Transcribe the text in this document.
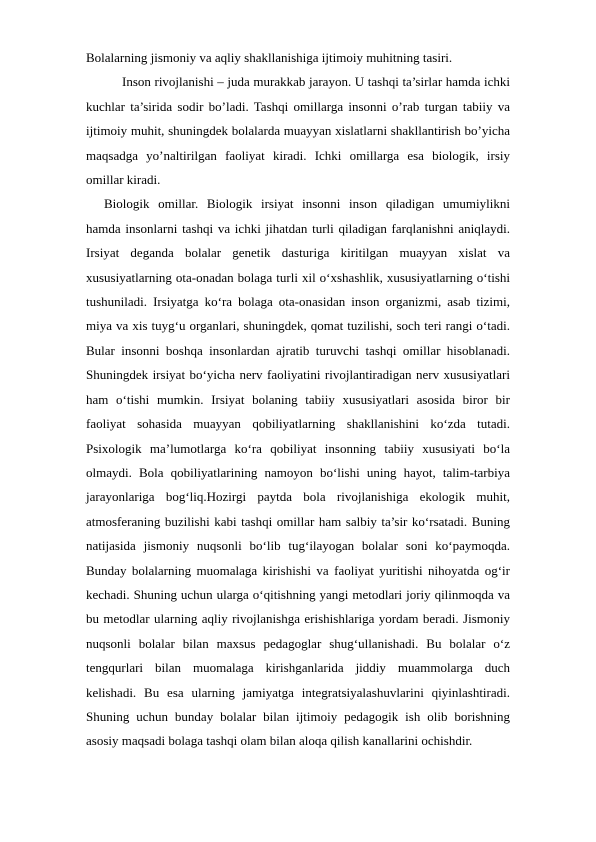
Bolalarning jismoniy va aqliy shakllanishiga ijtimoiy muhitning tasiri.

Inson rivojlanishi – juda murakkab jarayon. U tashqi ta’sirlar hamda ichki kuchlar ta’sirida sodir bo’ladi. Tashqi omillarga insonni o’rab turgan tabiiy va ijtimoiy muhit, shuningdek bolalarda muayyan xislatlarni shakllantirish bo’yicha maqsadga yo’naltirilgan faoliyat kiradi. Ichki omillarga esa biologik, irsiy omillar kiradi.

Biologik omillar. Biologik irsiyat insonni inson qiladigan umumiylikni hamda insonlarni tashqi va ichki jihatdan turli qiladigan farqlanishni aniqlaydi. Irsiyat deganda bolalar genetik dasturiga kiritilgan muayyan xislat va xususiyatlarning ota-onadan bolaga turli xil o‘xshashlik, xususiyatlarning o‘tishi tushuniladi. Irsiyatga ko‘ra bolaga ota-onasidan inson organizmi, asab tizimi, miya va xis tuyg‘u organlari, shuningdek, qomat tuzilishi, soch teri rangi o‘tadi. Bular insonni boshqa insonlardan ajratib turuvchi tashqi omillar hisoblanadi. Shuningdek irsiyat bo‘yicha nerv faoliyatini rivojlantiradigan nerv xususiyatlari ham o‘tishi mumkin. Irsiyat bolaning tabiiy xususiyatlari asosida biror bir faoliyat sohasida muayyan qobiliyatlarning shakllanishini ko‘zda tutadi. Psixologik ma’lumotlarga ko‘ra qobiliyat insonning tabiiy xususiyati bo‘la olmaydi. Bola qobiliyatlarining namoyon bo‘lishi uning hayot, talim-tarbiya jarayonlariga bog‘liq.Hozirgi paytda bola rivojlanishiga ekologik muhit, atmosferaning buzilishi kabi tashqi omillar ham salbiy ta’sir ko‘rsatadi. Buning natijasida jismoniy nuqsonli bo‘lib tug‘ilayogan bolalar soni ko‘paymoqda. Bunday bolalarning muomalaga kirishishi va faoliyat yuritishi nihoyatda og‘ir kechadi. Shuning uchun ularga o‘qitishning yangi metodlari joriy qilinmoqda va bu metodlar ularning aqliy rivojlanishga erishishlariga yordam beradi. Jismoniy nuqsonli bolalar bilan maxsus pedagoglar shug‘ullanishadi. Bu bolalar o‘z tengqurlari bilan muomalaga kirishganlarida jiddiy muammolarga duch kelishadi. Bu esa ularning jamiyatga integratsiyalashuvlarini qiyinlashtiradi. Shuning uchun bunday bolalar bilan ijtimoiy pedagogik ish olib borishning asosiy maqsadi bolaga tashqi olam bilan aloqa qilish kanallarini ochishdir.
